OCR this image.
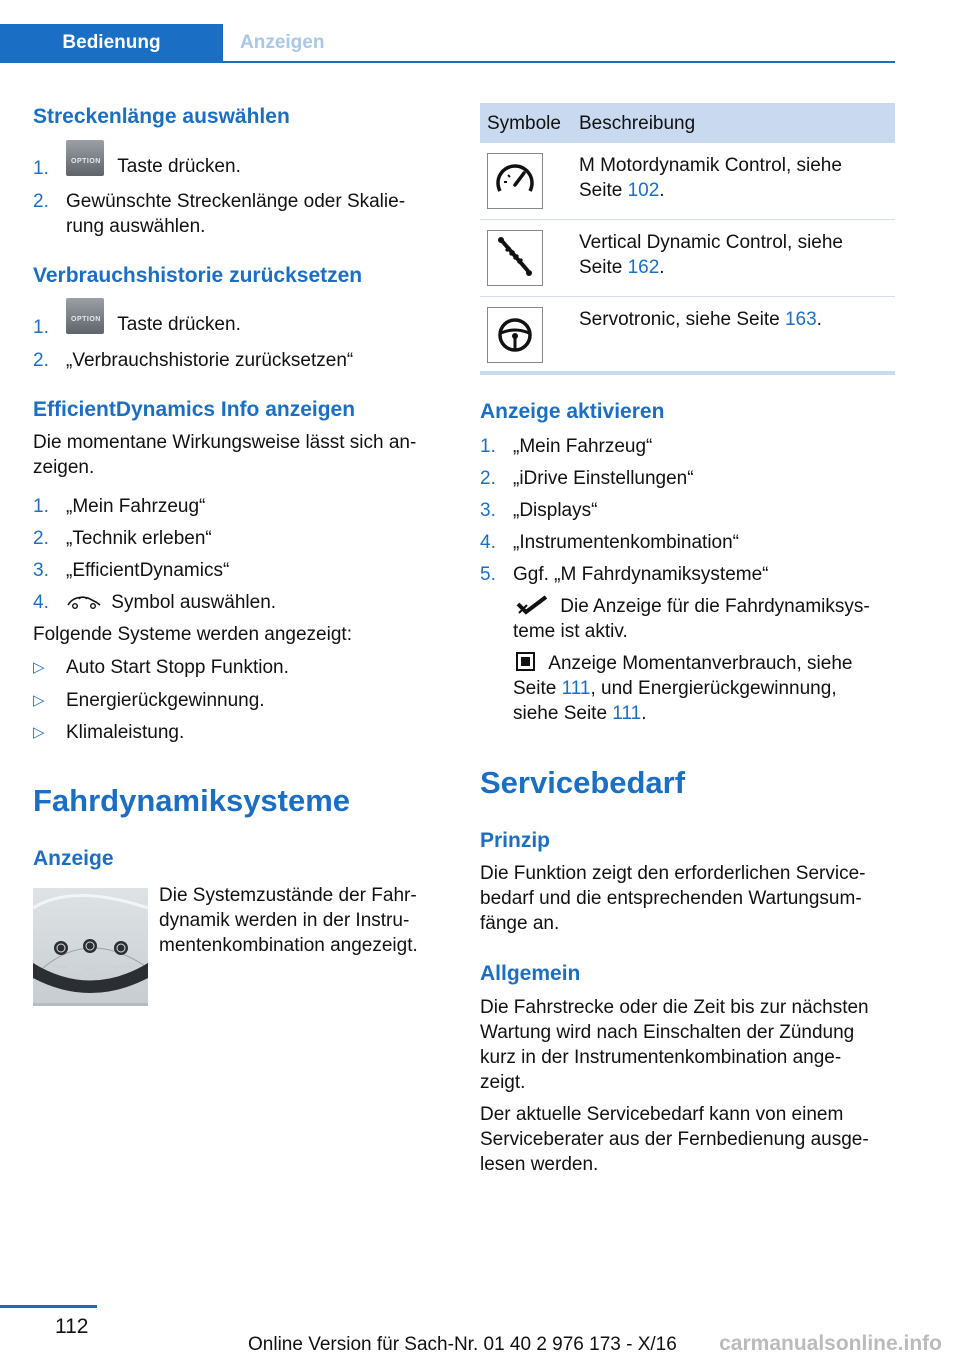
Bedienung	Anzeigen
Streckenlänge auswählen
1.	OPTION Taste drücken.
2. Gewünschte Streckenlänge oder Skalie-
rung auswählen.
Verbrauchshistorie zurücksetzen
1.	OPTION Taste drücken.
2. „Verbrauchshistorie zurücksetzen“
EfficientDynamics Info anzeigen
Die momentane Wirkungsweise lässt sich an-
zeigen.
1. „Mein Fahrzeug“
2. „Technik erleben“
3. „EfficientDynamics“
4.	Symbol auswählen.
Folgende Systeme werden angezeigt:
▷ Auto Start Stopp Funktion.
▷ Energierückgewinnung.
▷ Klimaleistung.
Fahrdynamiksysteme
Anzeige
Die Systemzustände der Fahr-
dynamik werden in der Instru-
mentenkombination angezeigt.
Efficient	Sport	Sport Plus
Symbole Beschreibung
M Motordynamik Control, siehe
Seite 102.
Vertical Dynamic Control, siehe
Seite 162.
Servotronic, siehe Seite 163.
Anzeige aktivieren
1. „Mein Fahrzeug“
2. „iDrive Einstellungen“
3. „Displays“
4. „Instrumentenkombination“
5. Ggf. „M Fahrdynamiksysteme“
Die Anzeige für die Fahrdynamiksys-
teme ist aktiv.
Anzeige Momentanverbrauch, siehe
Seite 111, und Energierückgewinnung,
siehe Seite 111.
Servicebedarf
Prinzip
Die Funktion zeigt den erforderlichen Service-
bedarf und die entsprechenden Wartungsum-
fänge an.
Allgemein
Die Fahrstrecke oder die Zeit bis zur nächsten
Wartung wird nach Einschalten der Zündung
kurz in der Instrumentenkombination ange-
zeigt.
Der aktuelle Servicebedarf kann von einem
Serviceberater aus der Fernbedienung ausge-
lesen werden.
112
Online Version für Sach-Nr. 01 40 2 976 173 - X/16 carmanualsonline.info
